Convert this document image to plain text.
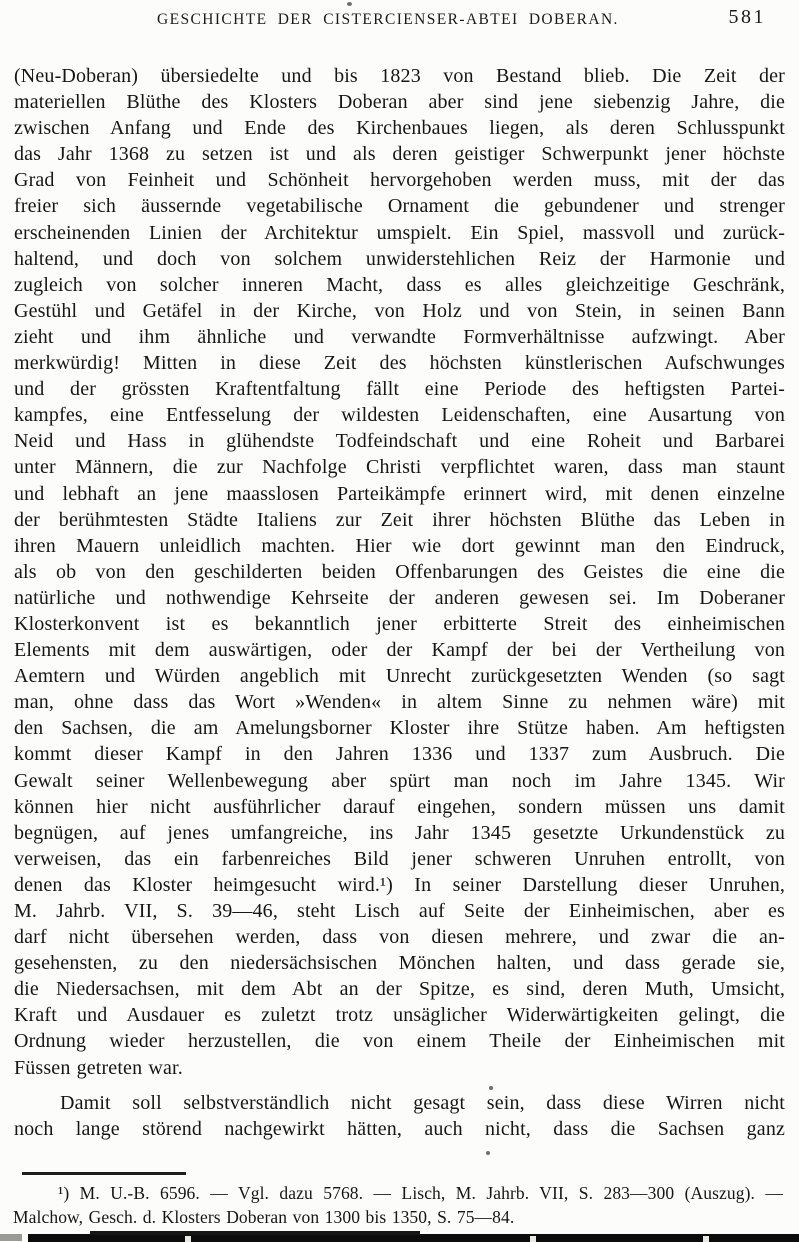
GESCHICHTE DER CISTERCIENSER-ABTEI DOBERAN.	581
(Neu-Doberan) übersiedelte und bis 1823 von Bestand blieb. Die Zeit der
materiellen Blüthe des Klosters Doberan aber sind jene siebenzig Jahre, die
zwischen Anfang und Ende des Kirchenbaues liegen, als deren Schlusspunkt
das Jahr 1368 zu setzen ist und als deren geistiger Schwerpunkt jener höchste
Grad von Feinheit und Schönheit hervorgehoben werden muss, mit der das
freier sich äussernde vegetabilische Ornament die gebundener und strenger
erscheinenden Linien der Architektur umspielt. Ein Spiel, massvoll und zurück-
haltend, und doch von solchem unwiderstehlichen Reiz der Harmonie und
zugleich von solcher inneren Macht, dass es alles gleichzeitige Geschränk,
Gestühl und Getäfel in der Kirche, von Holz und von Stein, in seinen Bann
zieht und ihm ähnliche und verwandte Formverhältnisse aufzwingt. Aber
merkwürdig! Mitten in diese Zeit des höchsten künstlerischen Aufschwunges
und der grössten Kraftentfaltung fällt eine Periode des heftigsten Partei-
kampfes, eine Entfesselung der wildesten Leidenschaften, eine Ausartung von
Neid und Hass in glühendste Todfeindschaft und eine Roheit und Barbarei
unter Männern, die zur Nachfolge Christi verpflichtet waren, dass man staunt
und lebhaft an jene maasslosen Parteikämpfe erinnert wird, mit denen einzelne
der berühmtesten Städte Italiens zur Zeit ihrer höchsten Blüthe das Leben in
ihren Mauern unleidlich machten. Hier wie dort gewinnt man den Eindruck,
als ob von den geschilderten beiden Offenbarungen des Geistes die eine die
natürliche und nothwendige Kehrseite der anderen gewesen sei. Im Doberaner
Klosterkonvent ist es bekanntlich jener erbitterte Streit des einheimischen
Elements mit dem auswärtigen, oder der Kampf der bei der Vertheilung von
Aemtern und Würden angeblich mit Unrecht zurückgesetzten Wenden (so sagt
man, ohne dass das Wort »Wenden« in altem Sinne zu nehmen wäre) mit
den Sachsen, die am Amelungsborner Kloster ihre Stütze haben. Am heftigsten
kommt dieser Kampf in den Jahren 1336 und 1337 zum Ausbruch. Die
Gewalt seiner Wellenbewegung aber spürt man noch im Jahre 1345. Wir
können hier nicht ausführlicher darauf eingehen, sondern müssen uns damit
begnügen, auf jenes umfangreiche, ins Jahr 1345 gesetzte Urkundenstück zu
verweisen, das ein farbenreiches Bild jener schweren Unruhen entrollt, von
denen das Kloster heimgesucht wird.¹) In seiner Darstellung dieser Unruhen,
M. Jahrb. VII, S. 39—46, steht Lisch auf Seite der Einheimischen, aber es
darf nicht übersehen werden, dass von diesen mehrere, und zwar die an-
gesehensten, zu den niedersächsischen Mönchen halten, und dass gerade sie,
die Niedersachsen, mit dem Abt an der Spitze, es sind, deren Muth, Umsicht,
Kraft und Ausdauer es zuletzt trotz unsäglicher Widerwärtigkeiten gelingt, die
Ordnung wieder herzustellen, die von einem Theile der Einheimischen mit
Füssen getreten war.
Damit soll selbstverständlich nicht gesagt sein, dass diese Wirren nicht
noch lange störend nachgewirkt hätten, auch nicht, dass die Sachsen ganz
¹) M. U.-B. 6596. — Vgl. dazu 5768. — Lisch, M. Jahrb. VII, S. 283—300 (Auszug). —
Malchow, Gesch. d. Klosters Doberan von 1300 bis 1350, S. 75—84.
